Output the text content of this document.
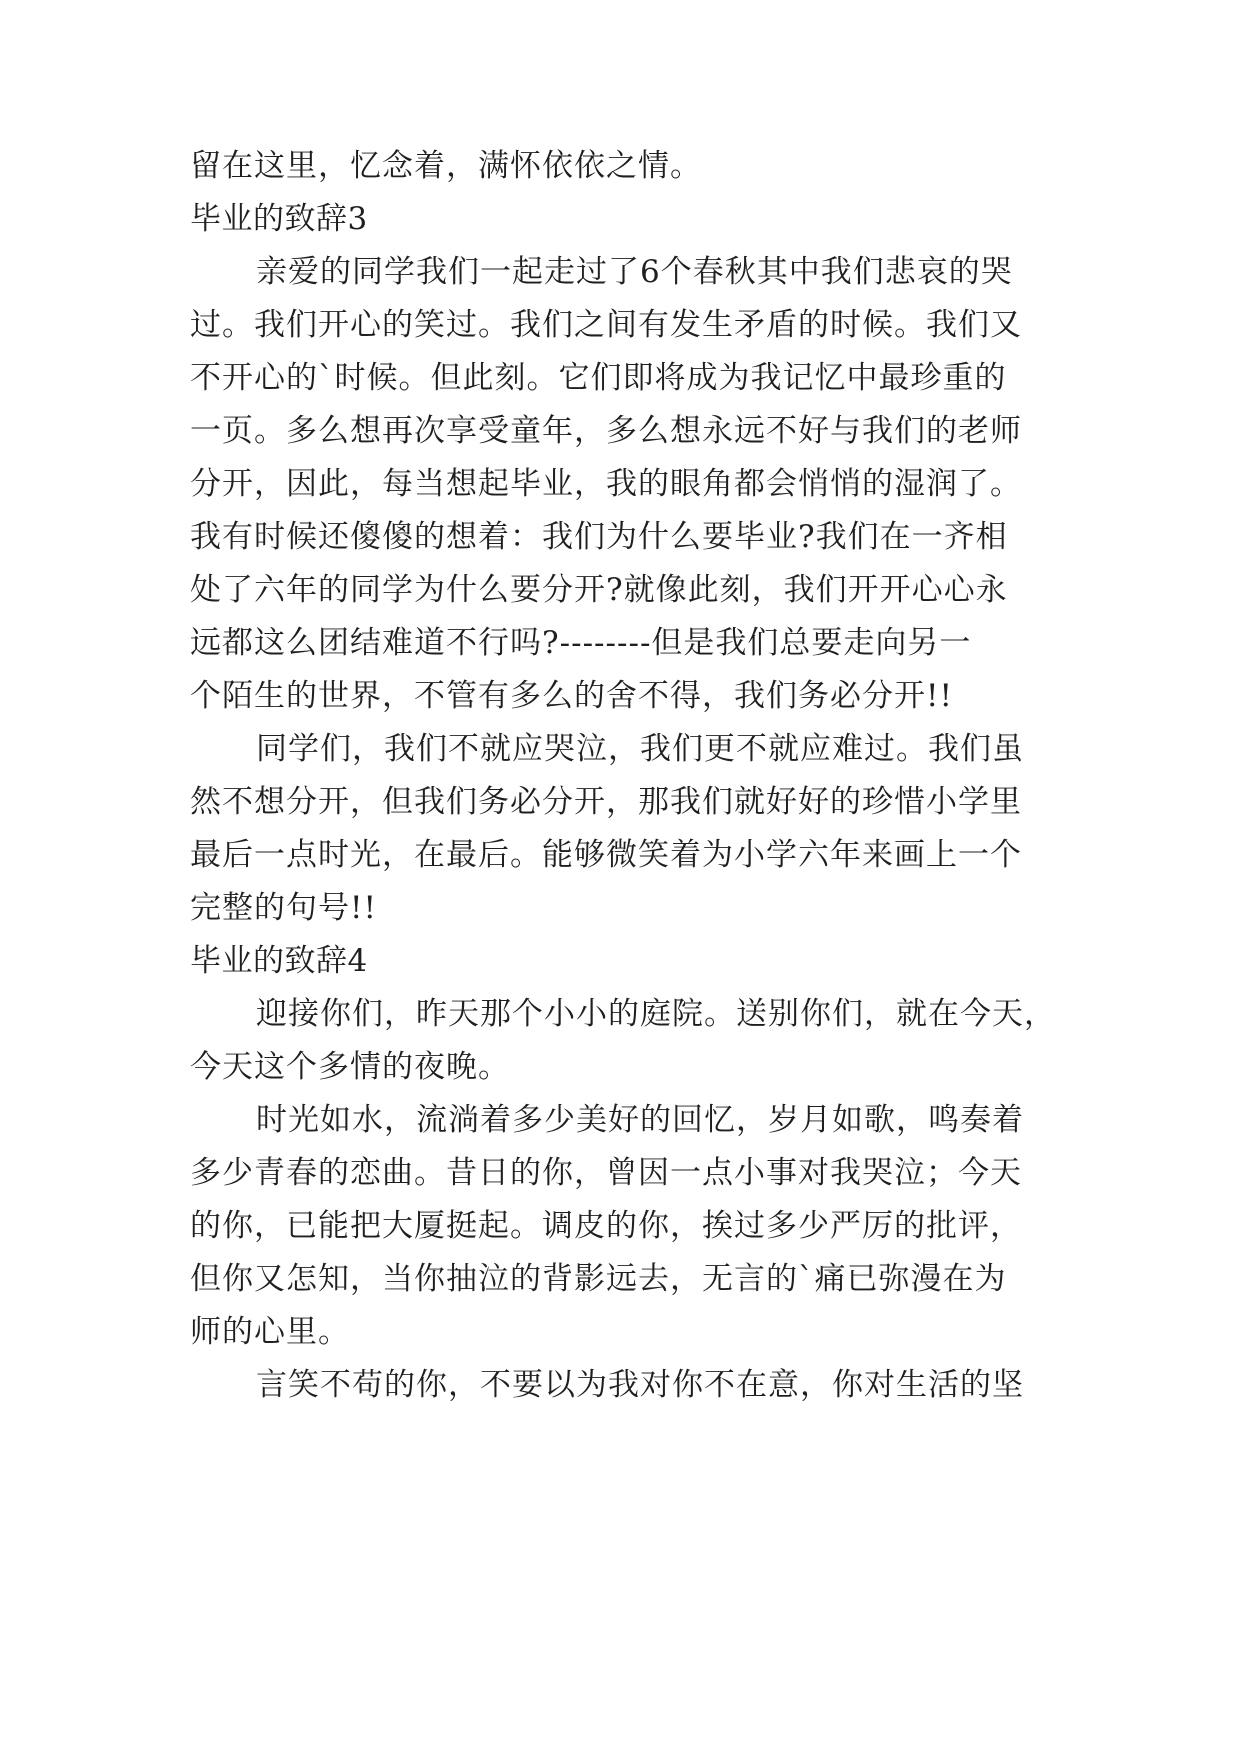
留在这里，忆念着，满怀依依之情。

毕业的致辞3

亲爱的同学我们一起走过了6个春秋其中我们悲哀的哭

过。我们开心的笑过。我们之间有发生矛盾的时候。我们又

不开心的`时候。但此刻。它们即将成为我记忆中最珍重的

一页。多么想再次享受童年，多么想永远不好与我们的老师

分开，因此，每当想起毕业，我的眼角都会悄悄的湿润了。

我有时候还傻傻的想着：我们为什么要毕业?我们在一齐相

处了六年的同学为什么要分开?就像此刻，我们开开心心永

远都这么团结难道不行吗?--------但是我们总要走向另一

个陌生的世界，不管有多么的舍不得，我们务必分开!!

同学们，我们不就应哭泣，我们更不就应难过。我们虽

然不想分开，但我们务必分开，那我们就好好的珍惜小学里

最后一点时光，在最后。能够微笑着为小学六年来画上一个

完整的句号!!

毕业的致辞4

迎接你们，昨天那个小小的庭院。送别你们，就在今天，

今天这个多情的夜晚。

时光如水，流淌着多少美好的回忆，岁月如歌，鸣奏着

多少青春的恋曲。昔日的你，曾因一点小事对我哭泣；今天

的你，已能把大厦挺起。调皮的你，挨过多少严厉的批评，

但你又怎知，当你抽泣的背影远去，无言的`痛已弥漫在为

师的心里。

言笑不苟的你，不要以为我对你不在意，你对生活的坚
